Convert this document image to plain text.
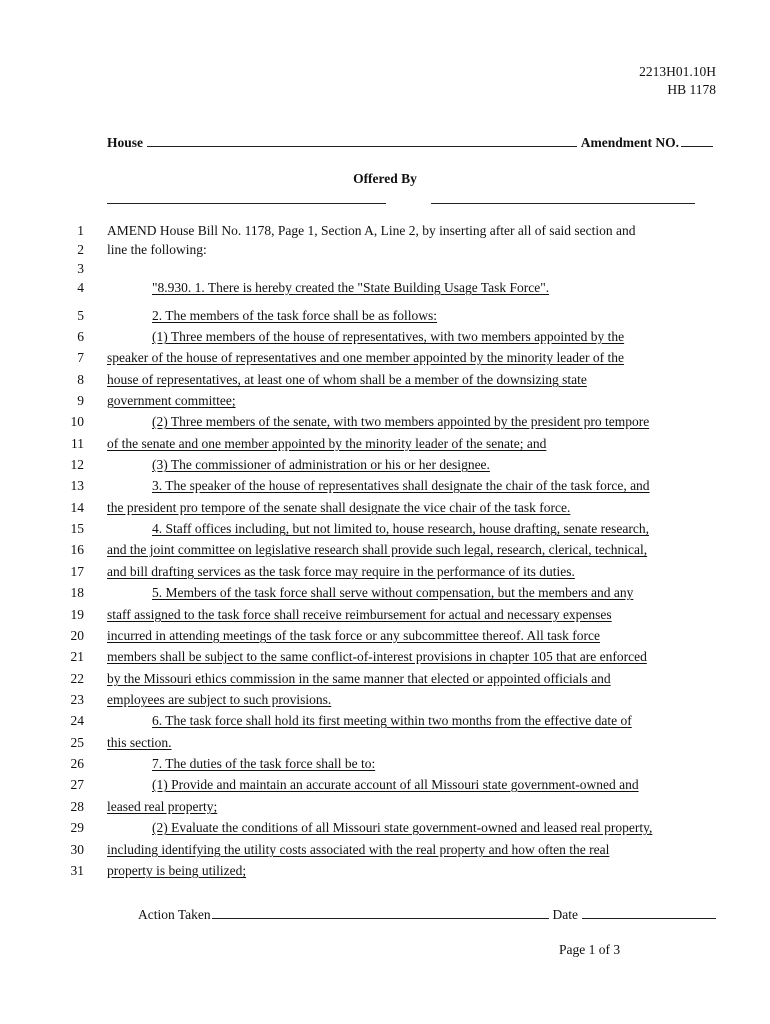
2213H01.10H
HB 1178
House	Amendment NO.
Offered By
1 AMEND House Bill No. 1178, Page 1, Section A, Line 2, by inserting after all of said section and
2 line the following:
3
4	"8.930. 1. There is hereby created the "State Building Usage Task Force".
5	2. The members of the task force shall be as follows:
6	(1) Three members of the house of representatives, with two members appointed by the
7 speaker of the house of representatives and one member appointed by the minority leader of the
8 house of representatives, at least one of whom shall be a member of the downsizing state
9 government committee;
10	(2) Three members of the senate, with two members appointed by the president pro tempore
11 of the senate and one member appointed by the minority leader of the senate; and
12	(3) The commissioner of administration or his or her designee.
13	3. The speaker of the house of representatives shall designate the chair of the task force, and
14 the president pro tempore of the senate shall designate the vice chair of the task force.
15	4. Staff offices including, but not limited to, house research, house drafting, senate research,
16 and the joint committee on legislative research shall provide such legal, research, clerical, technical,
17 and bill drafting services as the task force may require in the performance of its duties.
18	5. Members of the task force shall serve without compensation, but the members and any
19 staff assigned to the task force shall receive reimbursement for actual and necessary expenses
20 incurred in attending meetings of the task force or any subcommittee thereof. All task force
21 members shall be subject to the same conflict-of-interest provisions in chapter 105 that are enforced
22 by the Missouri ethics commission in the same manner that elected or appointed officials and
23 employees are subject to such provisions.
24	6. The task force shall hold its first meeting within two months from the effective date of
25 this section.
26	7. The duties of the task force shall be to:
27	(1) Provide and maintain an accurate account of all Missouri state government-owned and
28 leased real property;
29	(2) Evaluate the conditions of all Missouri state government-owned and leased real property,
30 including identifying the utility costs associated with the real property and how often the real
31 property is being utilized;
Action Taken	Date
Page 1 of 3
